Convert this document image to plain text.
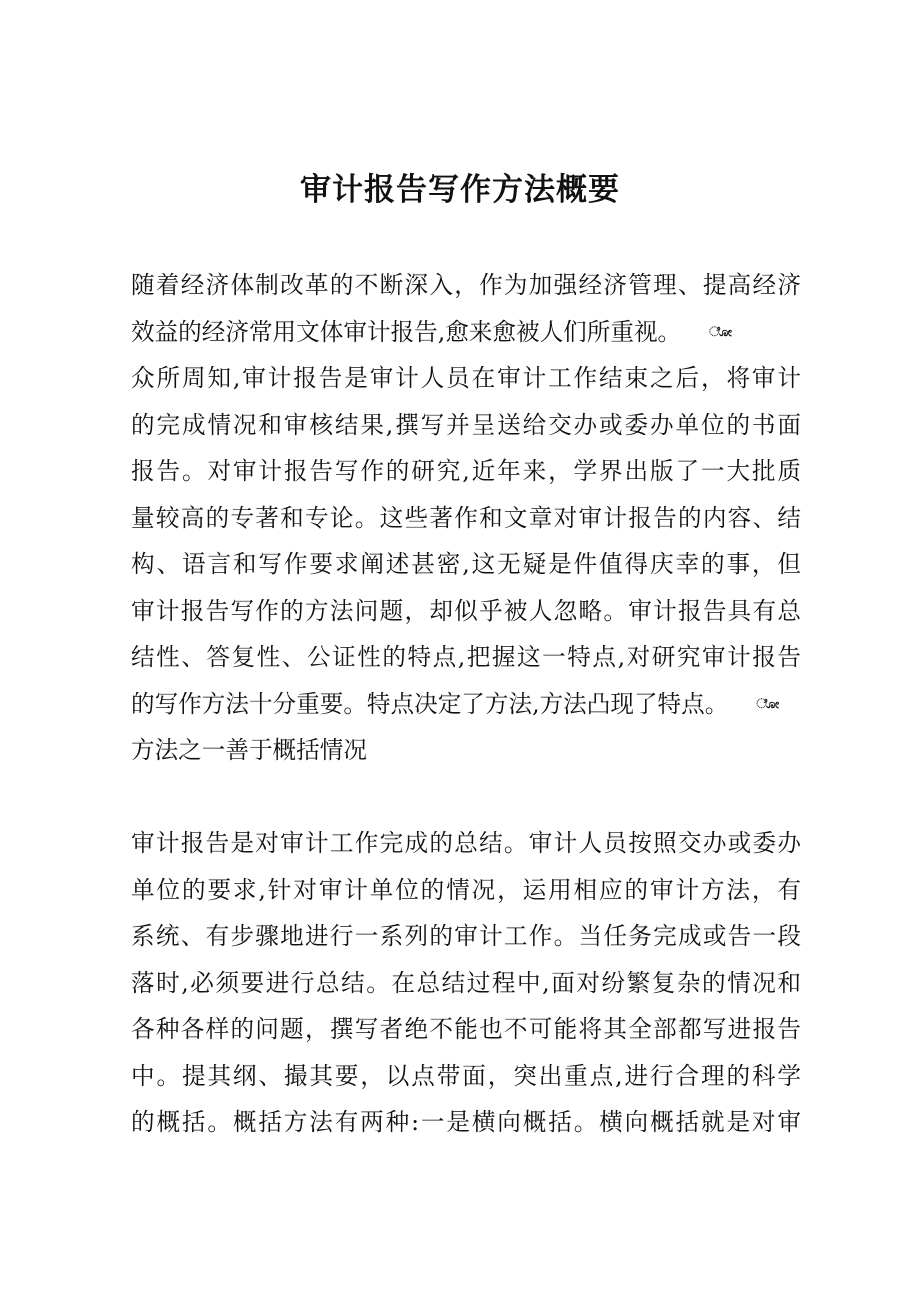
审计报告写作方法概要
随着经济体制改革的不断深入，作为加强经济管理、提高经济
效益的经济常用文体审计报告,愈来愈被人们所重视。 ೋ
众所周知,审计报告是审计人员在审计工作结束之后，将审计
的完成情况和审核结果,撰写并呈送给交办或委办单位的书面
报告。对审计报告写作的研究,近年来，学界出版了一大批质
量较高的专著和专论。这些著作和文章对审计报告的内容、结
构、语言和写作要求阐述甚密,这无疑是件值得庆幸的事，但
审计报告写作的方法问题，却似乎被人忽略。审计报告具有总
结性、答复性、公证性的特点,把握这一特点,对研究审计报告
的写作方法十分重要。特点决定了方法,方法凸现了特点。 ೋ
方法之一善于概括情况
审计报告是对审计工作完成的总结。审计人员按照交办或委办
单位的要求,针对审计单位的情况，运用相应的审计方法，有
系统、有步骤地进行一系列的审计工作。当任务完成或告一段
落时,必须要进行总结。在总结过程中,面对纷繁复杂的情况和
各种各样的问题，撰写者绝不能也不可能将其全部都写进报告
中。提其纲、撮其要，以点带面，突出重点,进行合理的科学
的概括。概括方法有两种:一是横向概括。横向概括就是对审
